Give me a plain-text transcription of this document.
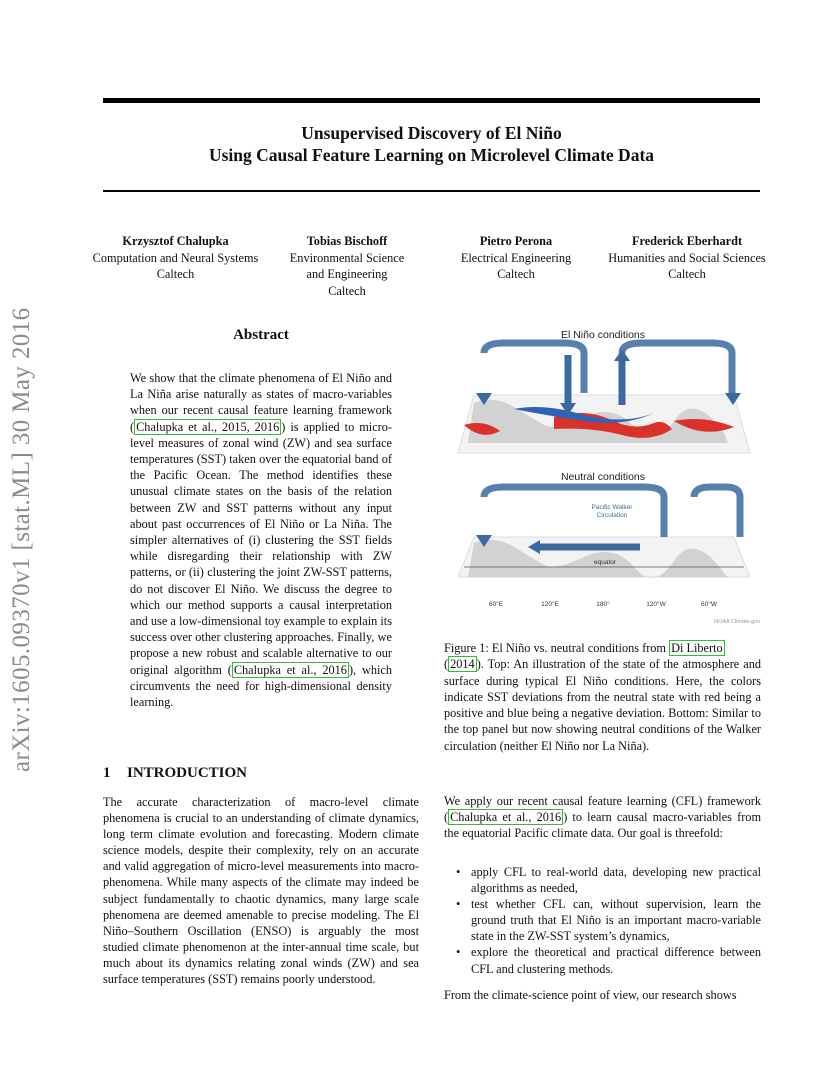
Unsupervised Discovery of El Niño
Using Causal Feature Learning on Microlevel Climate Data
Krzysztof Chalupka
Computation and Neural Systems
Caltech
Tobias Bischoff
Environmental Science
and Engineering
Caltech
Pietro Perona
Electrical Engineering
Caltech
Frederick Eberhardt
Humanities and Social Sciences
Caltech
arXiv:1605.09370v1 [stat.ML] 30 May 2016	Abstract
We show that the climate phenomena of El Niño and La Niña arise naturally as states of macro-variables when our recent causal feature learning framework ( Chalupka et al., 2015, 2016 ) is applied to micro-level measures of zonal wind (ZW) and sea surface temperatures (SST) taken over the equatorial band of the Pacific Ocean. The method identifies these unusual climate states on the basis of the relation between ZW and SST patterns without any input about past occurrences of El Niño or La Niña. The simpler alternatives of (i) clustering the SST fields while disregarding their relationship with ZW patterns, or (ii) clustering the joint ZW-SST patterns, do not discover El Niño. We discuss the degree to which our method supports a causal interpretation and use a low-dimensional toy example to explain its success over other clustering approaches. Finally, we propose a new robust and scalable alternative to our original algorithm ( Chalupka et al., 2016 ), which circumvents the need for high-dimensional density learning.
1 INTRODUCTION
The accurate characterization of macro-level climate phenomena is crucial to an understanding of climate dynamics, long term climate evolution and forecasting. Modern climate science models, despite their complexity, rely on an accurate and valid aggregation of micro-level measurements into macro-phenomena. While many aspects of the climate may indeed be subject fundamentally to chaotic dynamics, many large scale phenomena are deemed amenable to precise modeling. The El Niño–Southern Oscillation (ENSO) is arguably the most studied climate phenomenon at the inter-annual time scale, but much about its dynamics relating zonal winds (ZW) and sea surface temperatures (SST) remains poorly understood.
El Niño conditions
Neutral conditions
Pacific Walker
Circulation
equator
60°E	120°E	180°	120°W	60°W
NOAA Climate.gov
Figure 1: El Niño vs. neutral conditions from Di Liberto
( 2014 ). Top: An illustration of the state of the atmosphere and surface during typical El Niño conditions. Here, the colors indicate SST deviations from the neutral state with red being a positive and blue being a negative deviation. Bottom: Similar to the top panel but now showing neutral conditions of the Walker circulation (neither El Niño nor La Niña).
We apply our recent causal feature learning (CFL) framework ( Chalupka et al., 2016 ) to learn causal macro-variables from the equatorial Pacific climate data. Our goal is threefold:
• apply CFL to real-world data, developing new practical algorithms as needed,
• test whether CFL can, without supervision, learn the ground truth that El Niño is an important macro-variable state in the ZW-SST system’s dynamics,
• explore the theoretical and practical difference between CFL and clustering methods.
From the climate-science point of view, our research shows
